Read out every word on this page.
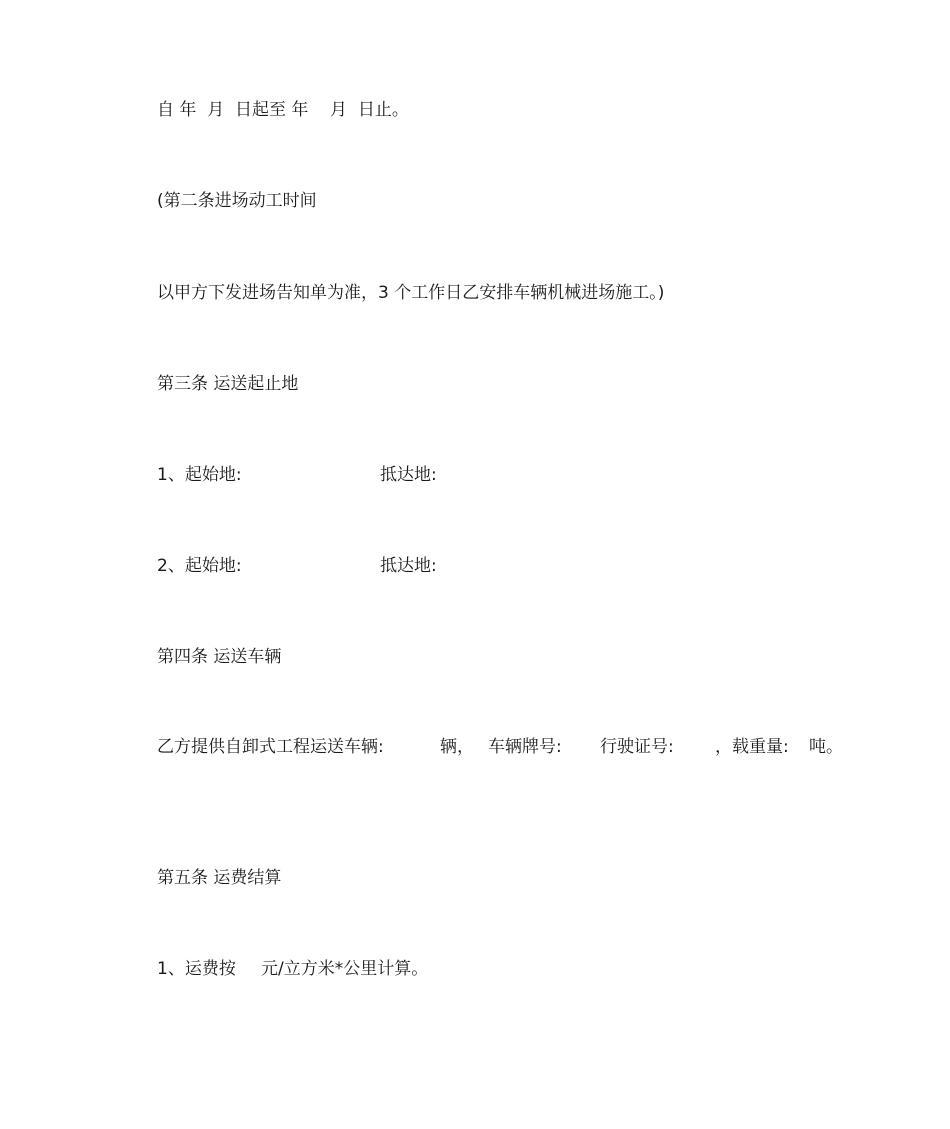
自 年  月  日起至 年    月  日止。
(第二条进场动工时间
以甲方下发进场告知单为准，3 个工作日乙安排车辆机械进场施工。)
第三条 运送起止地

1、起始地:

	抵达地:

2、起始地:

	抵达地:

第四条 运送车辆

乙方提供自卸式工程运送车辆:

	辆，

车辆牌号:

行驶证号:

，载重量:

吨。

第五条 运费结算

1、运费按

元/立方米*公里计算。
